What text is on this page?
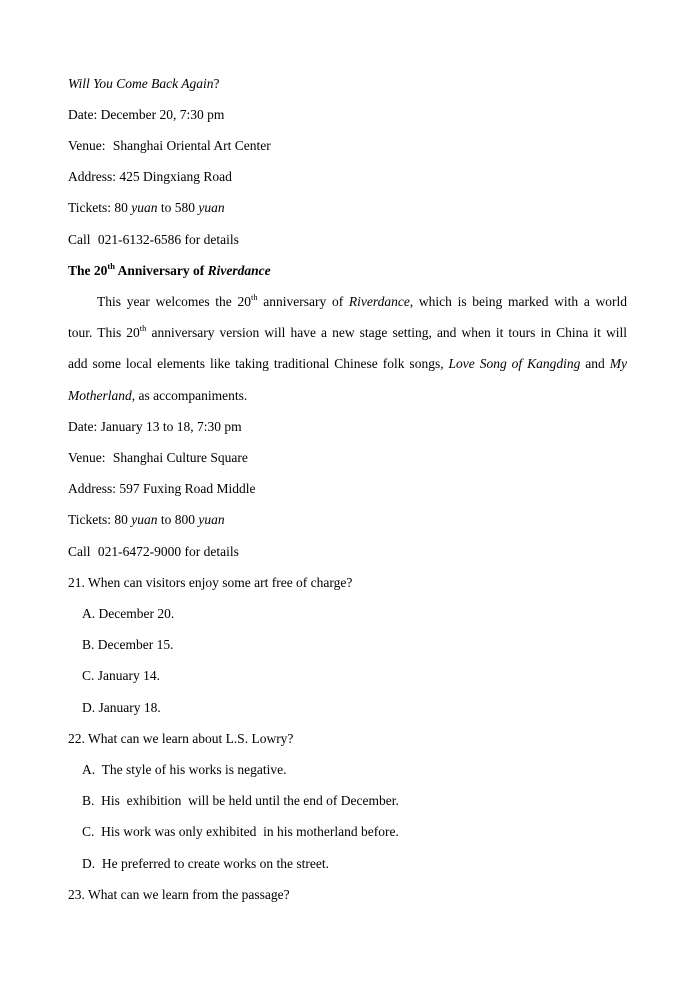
Will You Come Back Again?
Date: December 20, 7:30 pm
Venue: Shanghai Oriental Art Center
Address: 425 Dingxiang Road
Tickets: 80 yuan to 580 yuan
Call 021-6132-6586 for details
The 20th Anniversary of Riverdance
This year welcomes the 20th anniversary of Riverdance, which is being marked with a world
tour. This 20th anniversary version will have a new stage setting, and when it tours in China it will
add some local elements like taking traditional Chinese folk songs, Love Song of Kangding and My
Motherland, as accompaniments.
Date: January 13 to 18, 7:30 pm
Venue: Shanghai Culture Square
Address: 597 Fuxing Road Middle
Tickets: 80 yuan to 800 yuan
Call 021-6472-9000 for details
21. When can visitors enjoy some art free of charge?
A. December 20.
B. December 15.
C. January 14.
D. January 18.
22. What can we learn about L.S. Lowry?
A.  The style of his works is negative.
B.  His  exhibition  will be held until the end of December.
C.  His work was only exhibited  in his motherland before.
D.  He preferred to create works on the street.
23. What can we learn from the passage?
